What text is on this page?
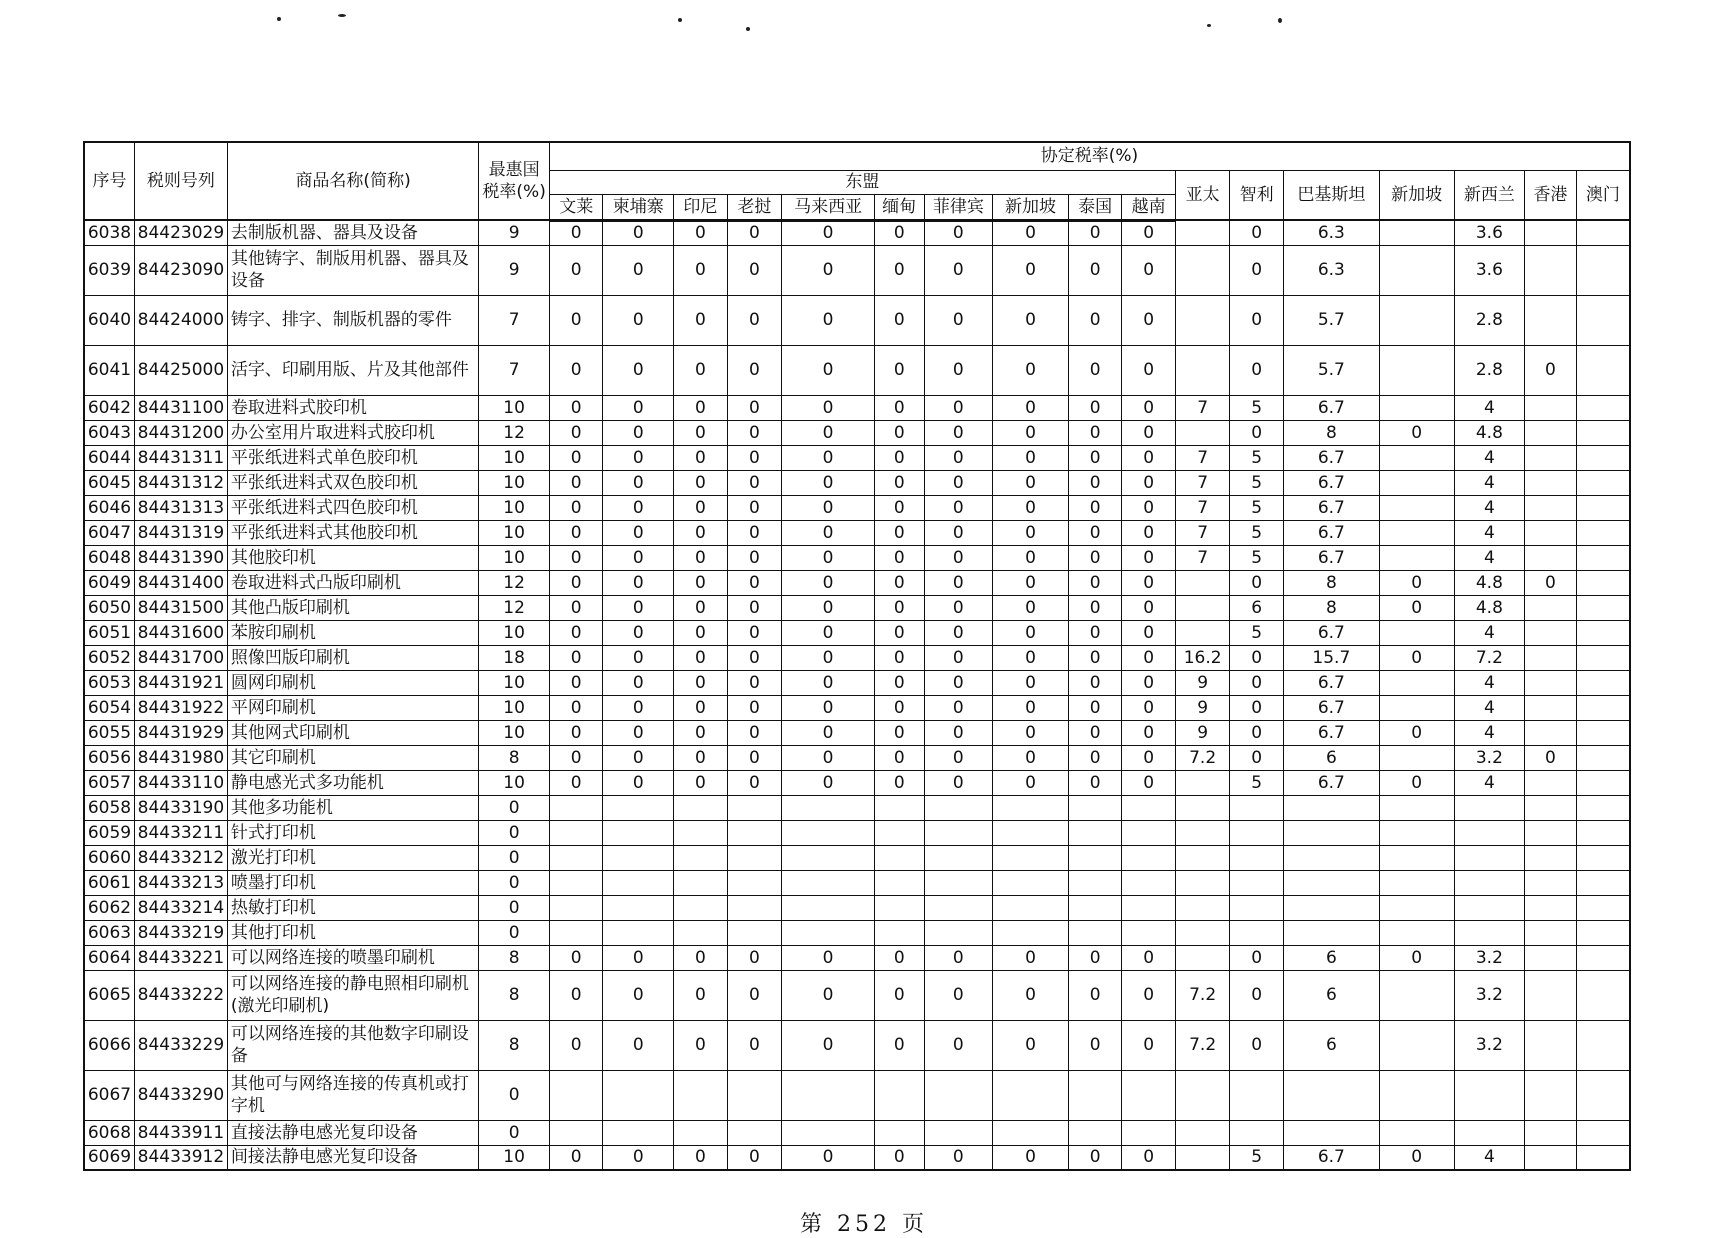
序号	税则号列	商品名称(简称)	最惠国税率(%)	协定税率(%)																
				东盟										亚太	智利	巴基斯坦	新加坡	新西兰	香港	澳门
				文莱	柬埔寨	印尼	老挝	马来西亚	缅甸	菲律宾	新加坡	泰国	越南							
6038	84423029	去制版机器、器具及设备	9	0	0	0	0	0	0	0	0	0	0		0	6.3		3.6		
6039	84423090	其他铸字、制版用机器、器具及设备	9	0	0	0	0	0	0	0	0	0	0		0	6.3		3.6		
6040	84424000	铸字、排字、制版机器的零件	7	0	0	0	0	0	0	0	0	0	0		0	5.7		2.8		
6041	84425000	活字、印刷用版、片及其他部件	7	0	0	0	0	0	0	0	0	0	0		0	5.7		2.8	0	
6042	84431100	卷取进料式胶印机	10	0	0	0	0	0	0	0	0	0	0	7	5	6.7		4		
6043	84431200	办公室用片取进料式胶印机	12	0	0	0	0	0	0	0	0	0	0		0	8	0	4.8		
6044	84431311	平张纸进料式单色胶印机	10	0	0	0	0	0	0	0	0	0	0	7	5	6.7		4		
6045	84431312	平张纸进料式双色胶印机	10	0	0	0	0	0	0	0	0	0	0	7	5	6.7		4		
6046	84431313	平张纸进料式四色胶印机	10	0	0	0	0	0	0	0	0	0	0	7	5	6.7		4		
6047	84431319	平张纸进料式其他胶印机	10	0	0	0	0	0	0	0	0	0	0	7	5	6.7		4		
6048	84431390	其他胶印机	10	0	0	0	0	0	0	0	0	0	0	7	5	6.7		4		
6049	84431400	卷取进料式凸版印刷机	12	0	0	0	0	0	0	0	0	0	0		0	8	0	4.8	0	
6050	84431500	其他凸版印刷机	12	0	0	0	0	0	0	0	0	0	0		6	8	0	4.8		
6051	84431600	苯胺印刷机	10	0	0	0	0	0	0	0	0	0	0		5	6.7		4		
6052	84431700	照像凹版印刷机	18	0	0	0	0	0	0	0	0	0	0	16.2	0	15.7	0	7.2		
6053	84431921	圆网印刷机	10	0	0	0	0	0	0	0	0	0	0	9	0	6.7		4		
6054	84431922	平网印刷机	10	0	0	0	0	0	0	0	0	0	0	9	0	6.7		4		
6055	84431929	其他网式印刷机	10	0	0	0	0	0	0	0	0	0	0	9	0	6.7	0	4		
6056	84431980	其它印刷机	8	0	0	0	0	0	0	0	0	0	0	7.2	0	6		3.2	0	
6057	84433110	静电感光式多功能机	10	0	0	0	0	0	0	0	0	0	0		5	6.7	0	4		
6058	84433190	其他多功能机	0																	
6059	84433211	针式打印机	0																	
6060	84433212	激光打印机	0																	
6061	84433213	喷墨打印机	0																	
6062	84433214	热敏打印机	0																	
6063	84433219	其他打印机	0																	
6064	84433221	可以网络连接的喷墨印刷机	8	0	0	0	0	0	0	0	0	0	0		0	6	0	3.2		
6065	84433222	可以网络连接的静电照相印刷机(激光印刷机)	8	0	0	0	0	0	0	0	0	0	0	7.2	0	6		3.2		
6066	84433229	可以网络连接的其他数字印刷设备	8	0	0	0	0	0	0	0	0	0	0	7.2	0	6		3.2		
6067	84433290	其他可与网络连接的传真机或打字机	0																	
6068	84433911	直接法静电感光复印设备	0																	
6069	84433912	间接法静电感光复印设备	10	0	0	0	0	0	0	0	0	0	0		5	6.7	0	4		
第 252 页
